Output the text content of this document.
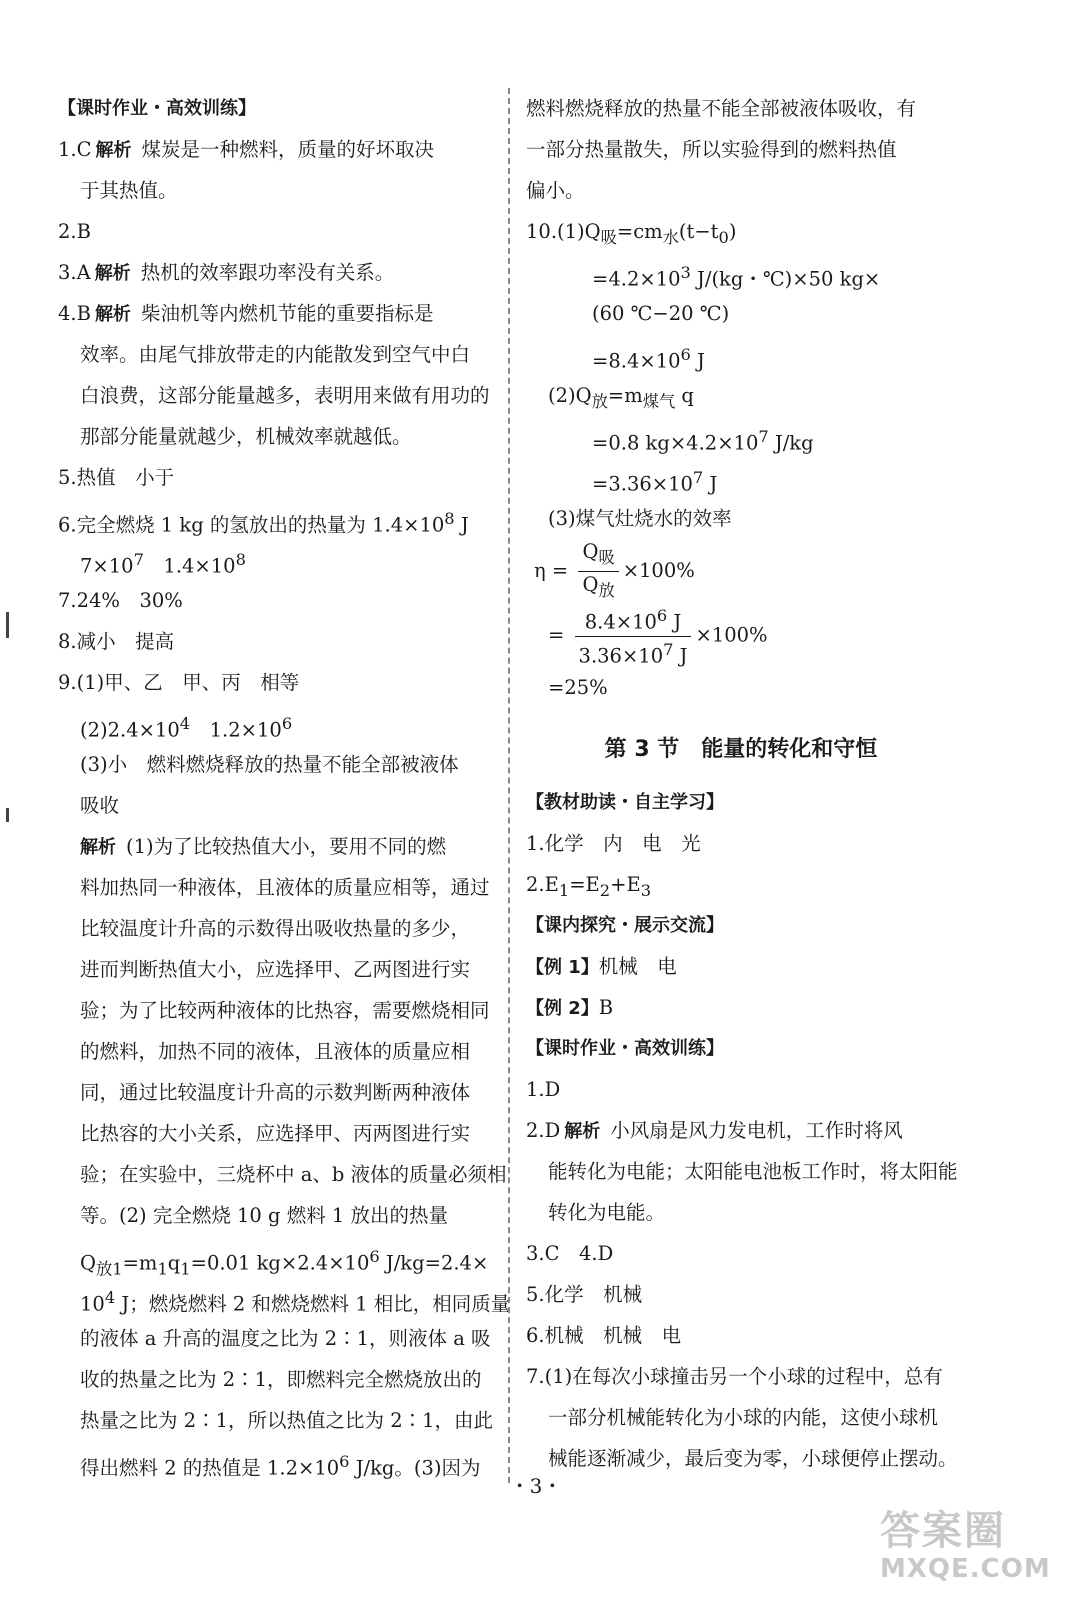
【课时作业・高效训练】
1.C 解析 煤炭是一种燃料，质量的好坏取决
于其热值。
2.B
3.A 解析 热机的效率跟功率没有关系。
4.B 解析 柴油机等内燃机节能的重要指标是
效率。由尾气排放带走的内能散发到空气中白
白浪费，这部分能量越多，表明用来做有用功的
那部分能量就越少，机械效率就越低。
5.热值　小于
6.完全燃烧 1 kg 的氢放出的热量为 $1.4\times 10^8$ J
$7\times 10^7$　$1.4\times 10^8$
7.24%　30%
8.减小　提高
9.(1)甲、乙　甲、丙　相等
$(2)2.4\times 10^4$　$1.2\times 10^6$
(3)小　燃料燃烧释放的热量不能全部被液体
吸收
解析 (1)为了比较热值大小，要用不同的燃
料加热同一种液体，且液体的质量应相等，通过
比较温度计升高的示数得出吸收热量的多少，
进而判断热值大小，应选择甲、乙两图进行实
验；为了比较两种液体的比热容，需要燃烧相同
的燃料，加热不同的液体，且液体的质量应相
同，通过比较温度计升高的示数判断两种液体
比热容的大小关系，应选择甲、丙两图进行实
验；在实验中，三烧杯中 a、b 液体的质量必须相
等。(2) 完全燃烧 10 g 燃料 1 放出的热量
$Q_{放1}=m_1q_1=0.01$ $kg\times 2.4\times 10^6$ J/kg=2.4×
$10^4$ J；燃烧燃料 2 和燃烧燃料 1 相比，相同质量
的液体 a 升高的温度之比为 2∶1，则液体 a 吸
收的热量之比为 2∶1，即燃料完全燃烧放出的
热量之比为 2∶1，所以热值之比为 2∶1，由此
得出燃料 2 的热值是 $1.2\times 10^6$ J/kg。(3)因为
燃料燃烧释放的热量不能全部被液体吸收，有
一部分热量散失，所以实验得到的燃料热值
偏小。
$10.(1)Q_吸=cm_水(t-t_0)$
$=4.2\times 10^3$ J/(kg・℃)×50 kg×
(60 ℃−20 ℃)
$=8.4\times 10^6$ J
$(2)Q_放=m_{煤气}$ q
=0.8 $kg\times 4.2\times 10^7$ J/kg
$=3.36\times 10^7$ J
(3)煤气灶烧水的效率
$\eta = \frac{Q_吸}{Q_放} \times 100\%$
= $\frac{8.4\times 10^6 J}{3.36\times 10^7 J} \times 100\%$
=25%
第 3 节　能量的转化和守恒
【教材助读・自主学习】
1.化学　内　电　光
$2.E_1=E_2+E_3$
【课内探究・展示交流】
【例 1】机械　电
【例 2】B
【课时作业・高效训练】
1.D
2.D 解析 小风扇是风力发电机，工作时将风
能转化为电能；太阳能电池板工作时，将太阳能
转化为电能。
3.C　4.D
5.化学　机械
6.机械　机械　电
7.(1)在每次小球撞击另一个小球的过程中，总有
一部分机械能转化为小球的内能，这使小球机
械能逐渐减少，最后变为零，小球便停止摆动。
・3・
答案圈
MXQE.COM
